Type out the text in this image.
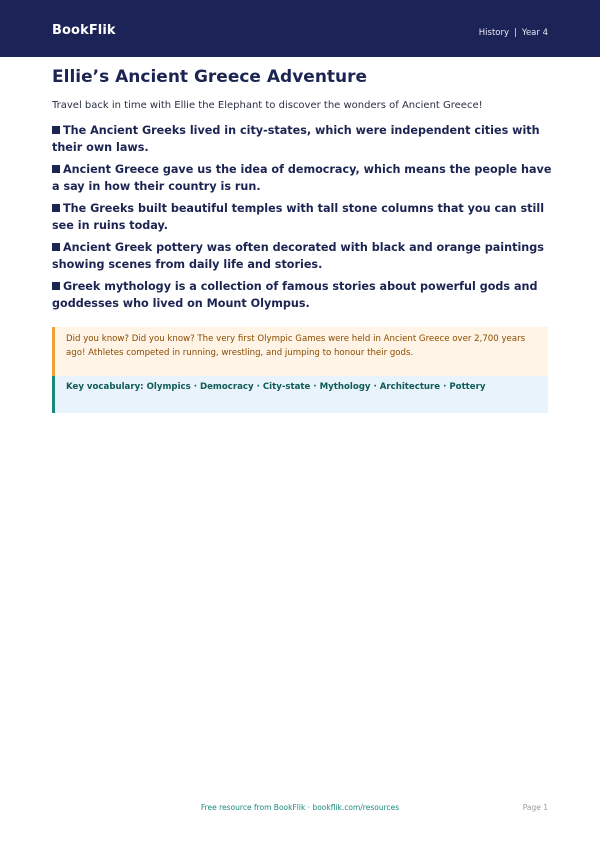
BookFlik	History | Year 4
Ellie’s Ancient Greece Adventure

Travel back in time with Ellie the Elephant to discover the wonders of Ancient Greece!

The Ancient Greeks lived in city-states, which were independent cities with their own laws.
Ancient Greece gave us the idea of democracy, which means the people have a say in how their country is run.
The Greeks built beautiful temples with tall stone columns that you can still see in ruins today.
Ancient Greek pottery was often decorated with black and orange paintings showing scenes from daily life and stories.
Greek mythology is a collection of famous stories about powerful gods and goddesses who lived on Mount Olympus.
Did you know? Did you know? The very first Olympic Games were held in Ancient Greece over 2,700 years ago! Athletes competed in running, wrestling, and jumping to honour their gods.
Key vocabulary: Olympics · Democracy · City-state · Mythology · Architecture · Pottery
Free resource from BookFlik · bookflik.com/resources	Page 1
